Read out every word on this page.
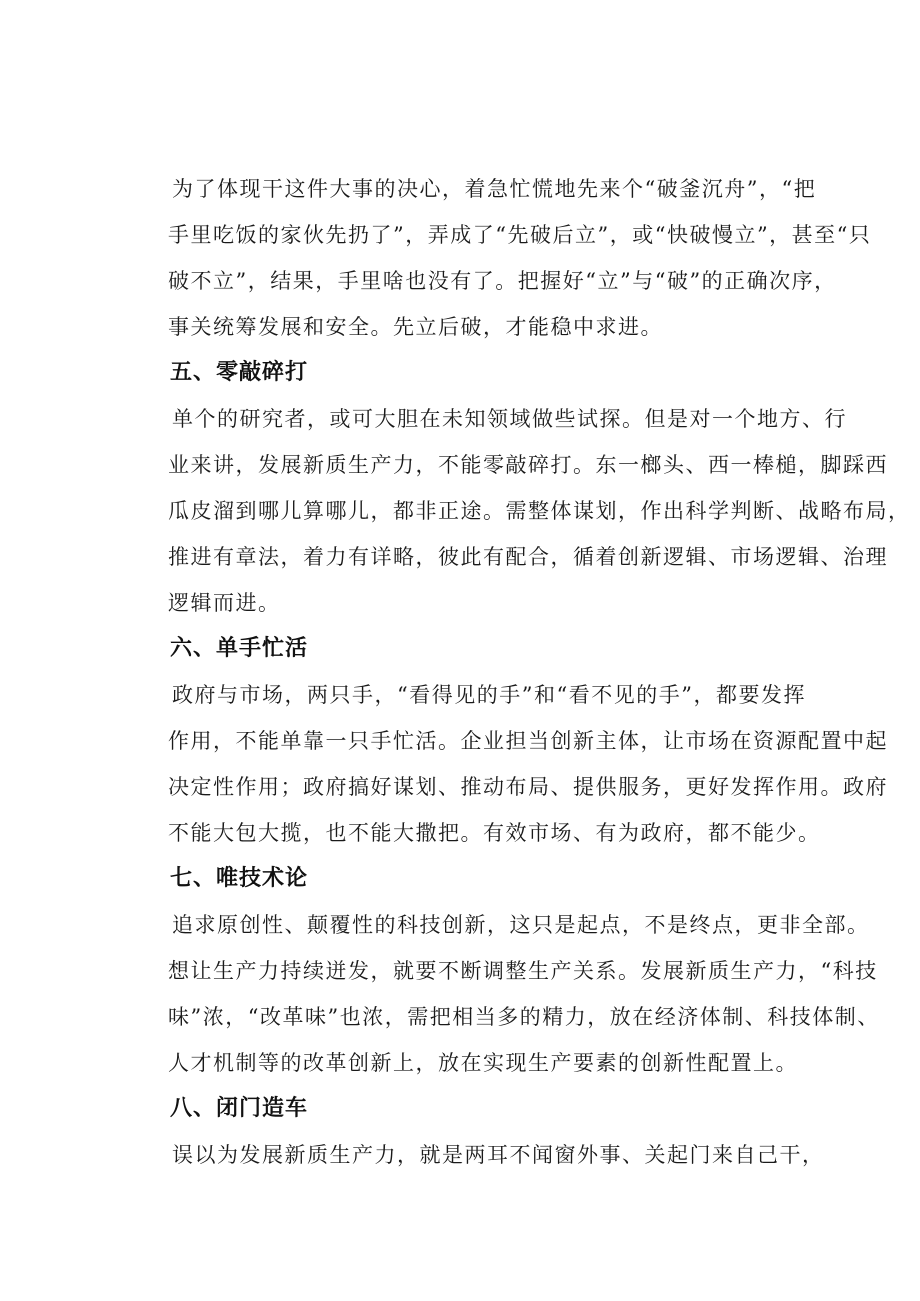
为了体现干这件大事的决心，着急忙慌地先来个“破釜沉舟”，“把
手里吃饭的家伙先扔了”，弄成了“先破后立”，或“快破慢立”，甚至“只
破不立”，结果，手里啥也没有了。把握好“立”与“破”的正确次序，
事关统筹发展和安全。先立后破，才能稳中求进。
五、零敲碎打
单个的研究者，或可大胆在未知领域做些试探。但是对一个地方、行
业来讲，发展新质生产力，不能零敲碎打。东一榔头、西一棒槌，脚踩西
瓜皮溜到哪儿算哪儿，都非正途。需整体谋划，作出科学判断、战略布局，
推进有章法，着力有详略，彼此有配合，循着创新逻辑、市场逻辑、治理
逻辑而进。
六、单手忙活
政府与市场，两只手，“看得见的手”和“看不见的手”，都要发挥
作用，不能单靠一只手忙活。企业担当创新主体，让市场在资源配置中起
决定性作用；政府搞好谋划、推动布局、提供服务，更好发挥作用。政府
不能大包大揽，也不能大撒把。有效市场、有为政府，都不能少。
七、唯技术论
追求原创性、颠覆性的科技创新，这只是起点，不是终点，更非全部。
想让生产力持续迸发，就要不断调整生产关系。发展新质生产力，“科技
味”浓，“改革味”也浓，需把相当多的精力，放在经济体制、科技体制、
人才机制等的改革创新上，放在实现生产要素的创新性配置上。
八、闭门造车
误以为发展新质生产力，就是两耳不闻窗外事、关起门来自己干，
